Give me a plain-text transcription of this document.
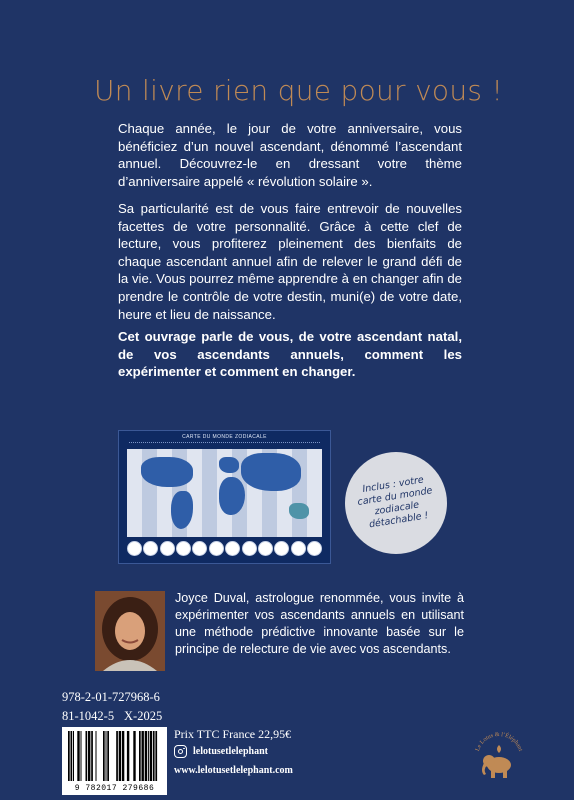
Un livre rien que pour vous !
Chaque année, le jour de votre anniversaire, vous bénéficiez d’un nouvel ascendant, dénommé l’ascendant annuel. Découvrez-le en dressant votre thème d’anniversaire appelé « révolution solaire ».
Sa particularité est de vous faire entrevoir de nouvelles facettes de votre personnalité. Grâce à cette clef de lecture, vous profiterez pleinement des bienfaits de chaque ascendant annuel afin de relever le grand défi de la vie. Vous pourrez même apprendre à en changer afin de prendre le contrôle de votre destin, muni(e) de votre date, heure et lieu de naissance.
Cet ouvrage parle de vous, de votre ascendant natal, de vos ascendants annuels, comment les expérimenter et comment en changer.
CARTE DU MONDE ZODIACALE
Inclus : votre carte du monde zodiacale détachable !
Joyce Duval, astrologue renommée, vous invite à expérimenter vos ascendants annuels en utilisant une méthode prédictive innovante basée sur le principe de relecture de vie avec vos ascendants.
978-2-01-727968-6
81-1042-5 X-2025
9 782017 279686
Prix TTC France 22,95€
lelotusetlelephant
www.lelotusetlelephant.com
Le Lotus & l’Éléphant
